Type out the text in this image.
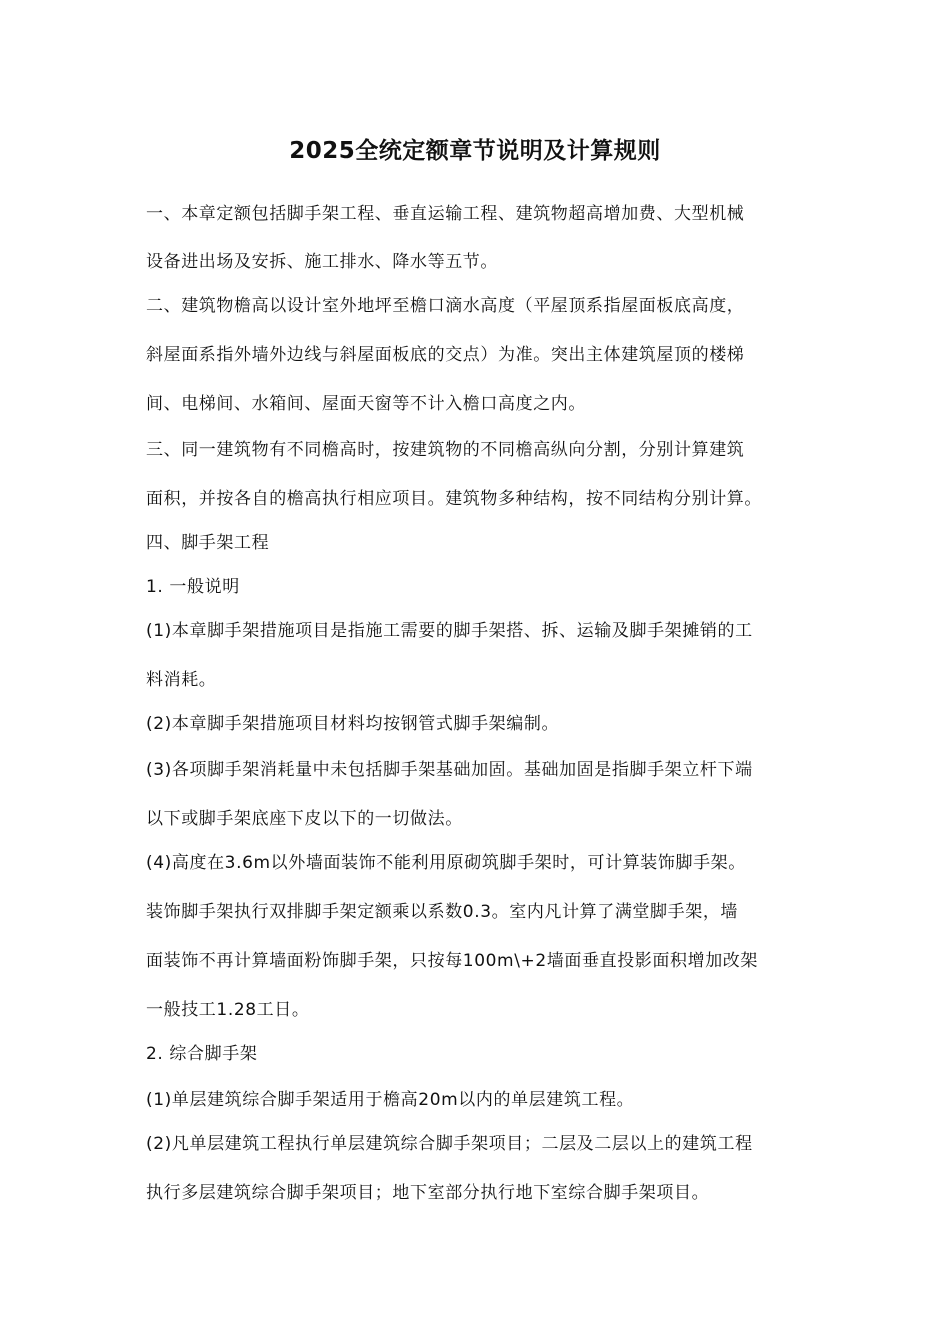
2025全统定额章节说明及计算规则
一、本章定额包括脚手架工程、垂直运输工程、建筑物超高增加费、大型机械
设备进出场及安拆、施工排水、降水等五节。
二、建筑物檐高以设计室外地坪至檐口滴水高度（平屋顶系指屋面板底高度，
斜屋面系指外墙外边线与斜屋面板底的交点）为准。突出主体建筑屋顶的楼梯
间、电梯间、水箱间、屋面天窗等不计入檐口高度之内。
三、同一建筑物有不同檐高时，按建筑物的不同檐高纵向分割，分别计算建筑
面积，并按各自的檐高执行相应项目。建筑物多种结构，按不同结构分别计算。
四、脚手架工程
1. 一般说明
(1)本章脚手架措施项目是指施工需要的脚手架搭、拆、运输及脚手架摊销的工
料消耗。
(2)本章脚手架措施项目材料均按钢管式脚手架编制。
(3)各项脚手架消耗量中未包括脚手架基础加固。基础加固是指脚手架立杆下端
以下或脚手架底座下皮以下的一切做法。
(4)高度在3.6m以外墙面装饰不能利用原砌筑脚手架时，可计算装饰脚手架。
装饰脚手架执行双排脚手架定额乘以系数0.3。室内凡计算了满堂脚手架，墙
面装饰不再计算墙面粉饰脚手架，只按每100m\+2墙面垂直投影面积增加改架
一般技工1.28工日。
2. 综合脚手架
(1)单层建筑综合脚手架适用于檐高20m以内的单层建筑工程。
(2)凡单层建筑工程执行单层建筑综合脚手架项目；二层及二层以上的建筑工程
执行多层建筑综合脚手架项目；地下室部分执行地下室综合脚手架项目。
